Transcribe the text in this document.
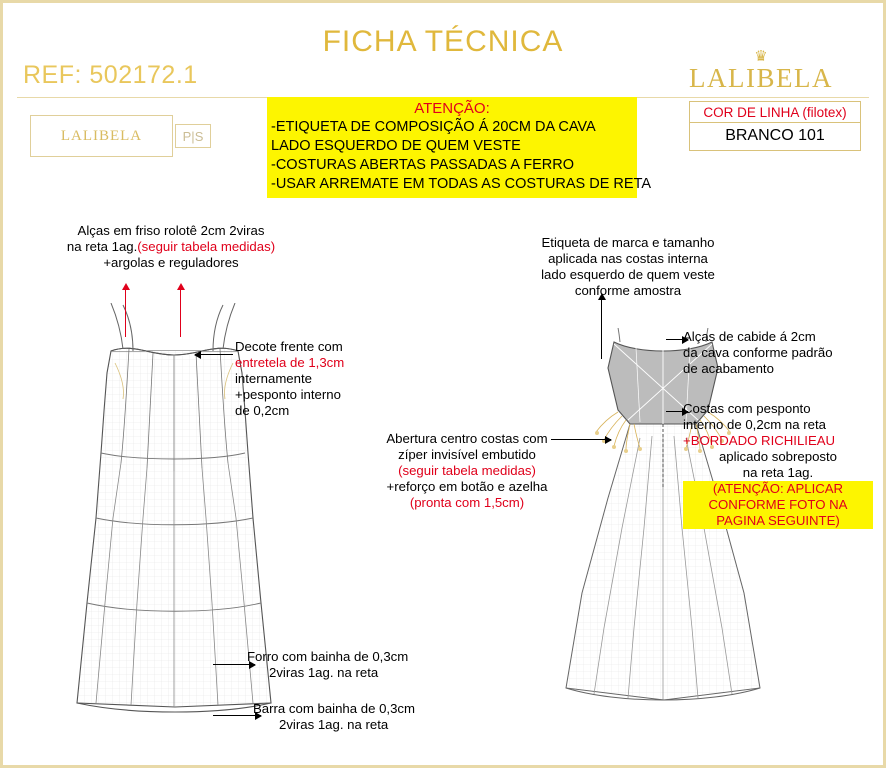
FICHA TÉCNICA
REF: 502172.1
♛
LALIBELA
LALIBELA	P|S
ATENÇÃO:
-ETIQUETA DE COMPOSIÇÃO Á 20CM DA CAVA
LADO ESQUERDO DE QUEM VESTE
-COSTURAS ABERTAS PASSADAS A FERRO
-USAR ARREMATE EM TODAS AS COSTURAS DE RETA
COR DE LINHA (filotex)
BRANCO 101
Alças em friso rolotê 2cm 2viras
na reta 1ag.(seguir tabela medidas)
+argolas e reguladores
Decote frente com
entretela de 1,3cm
internamente
+pesponto interno
de 0,2cm
Forro com bainha de 0,3cm
2viras 1ag. na reta
Barra com bainha de 0,3cm
2viras 1ag. na reta
Etiqueta de marca e tamanho
aplicada nas costas interna
lado esquerdo de quem veste
conforme amostra
Alças de cabide á 2cm
da cava conforme padrão
de acabamento
Costas com pesponto
interno de 0,2cm na reta
+BORDADO RICHILIEAU
aplicado sobreposto
na reta 1ag.
(ATENÇÃO: APLICAR
CONFORME FOTO NA
PAGINA SEGUINTE)
Abertura centro costas com
zíper invisível embutido
(seguir tabela medidas)
+reforço em botão e azelha
(pronta com 1,5cm)
